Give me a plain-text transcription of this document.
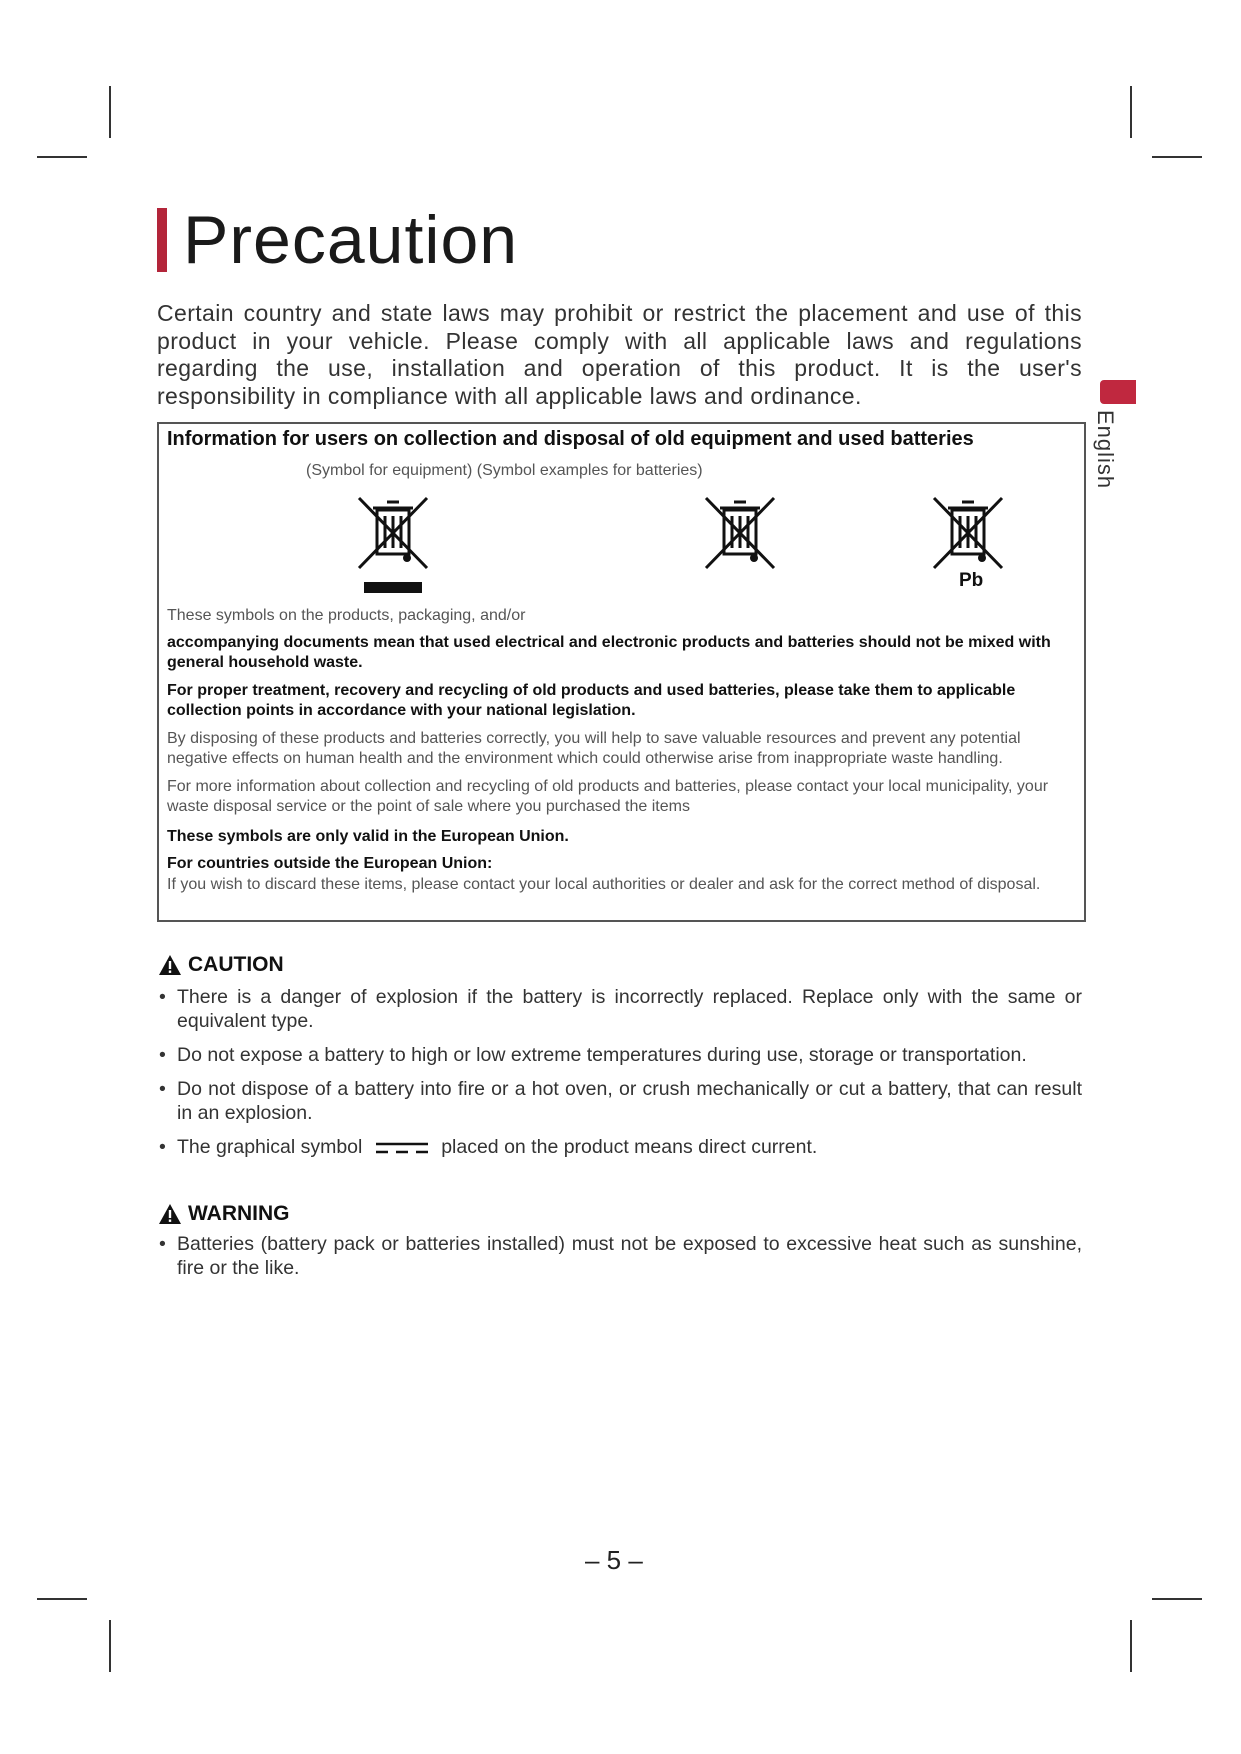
Precaution
Certain country and state laws may prohibit or restrict the placement and use of this product in your vehicle. Please comply with all applicable laws and regulations regarding the use, installation and operation of this product. It is the user's responsibility in compliance with all applicable laws and ordinance.
English
Information for users on collection and disposal of old equipment and used batteries
(Symbol for equipment) (Symbol examples for batteries)
Pb
These symbols on the products, packaging, and/or
accompanying documents mean that used electrical and electronic products and batteries should not be mixed with general household waste.
For proper treatment, recovery and recycling of old products and used batteries, please take them to applicable collection points in accordance with your national legislation.
By disposing of these products and batteries correctly, you will help to save valuable resources and prevent any potential negative effects on human health and the environment which could otherwise arise from inappropriate waste handling.
For more information about collection and recycling of old products and batteries, please contact your local municipality, your waste disposal service or the point of sale where you purchased the items
These symbols are only valid in the European Union.
For countries outside the European Union:
If you wish to discard these items, please contact your local authorities or dealer and ask for the correct method of disposal.
CAUTION
• There is a danger of explosion if the battery is incorrectly replaced. Replace only with the same or equivalent type.
• Do not expose a battery to high or low extreme temperatures during use, storage or transportation.
• Do not dispose of a battery into fire or a hot oven, or crush mechanically or cut a battery, that can result in an explosion.
• The graphical symbol	placed on the product means direct current.
WARNING
• Batteries (battery pack or batteries installed) must not be exposed to excessive heat such as sunshine, fire or the like.
– 5 –
